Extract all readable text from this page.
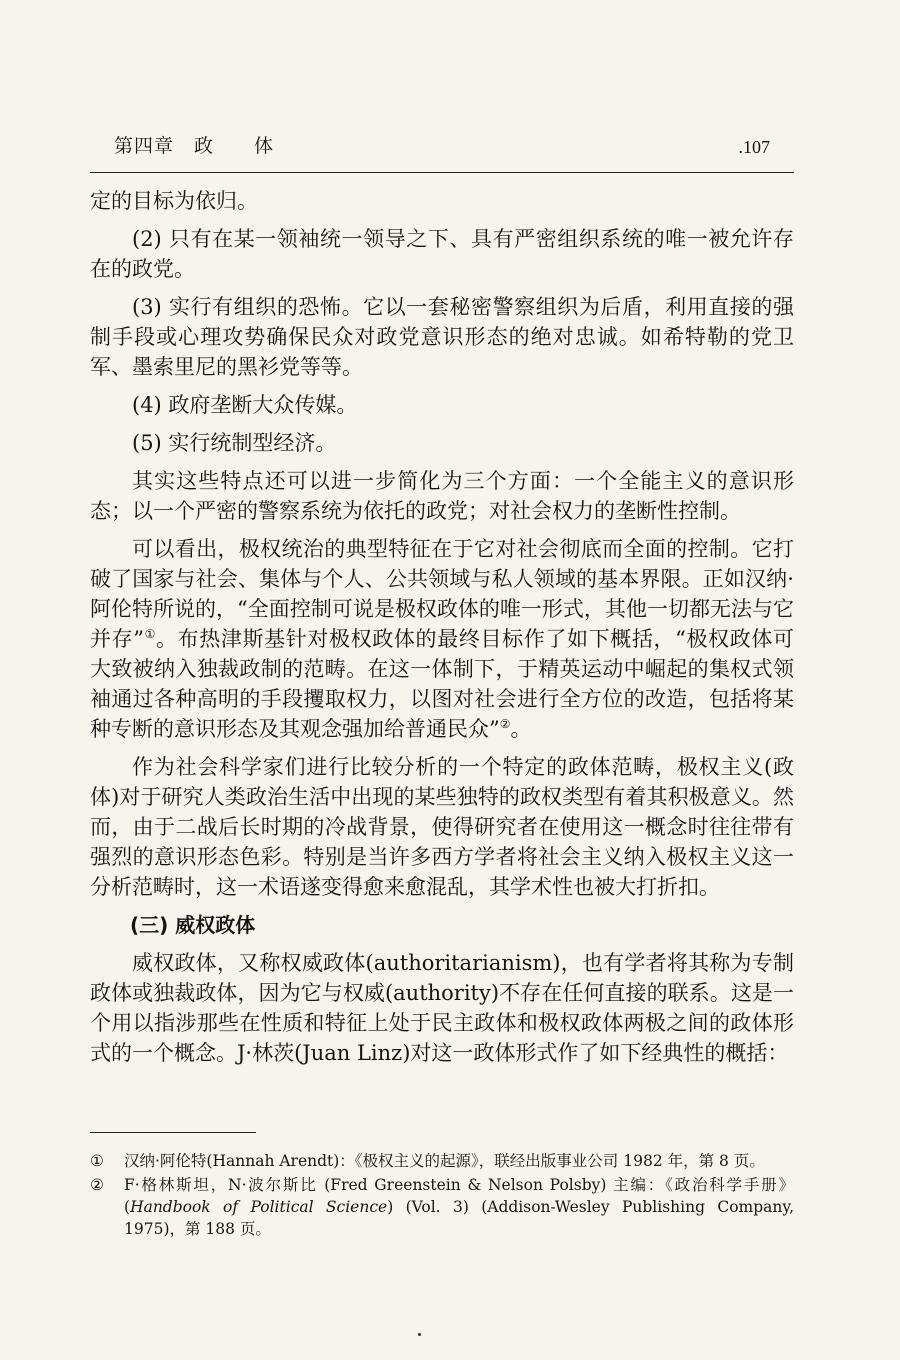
第四章　政　　体	.107

定的目标为依归。

(2) 只有在某一领袖统一领导之下、具有严密组织系统的唯一被允许存在的政党。

(3) 实行有组织的恐怖。它以一套秘密警察组织为后盾，利用直接的强制手段或心理攻势确保民众对政党意识形态的绝对忠诚。如希特勒的党卫军、墨索里尼的黑衫党等等。

(4) 政府垄断大众传媒。

(5) 实行统制型经济。

其实这些特点还可以进一步简化为三个方面：一个全能主义的意识形态；以一个严密的警察系统为依托的政党；对社会权力的垄断性控制。

可以看出，极权统治的典型特征在于它对社会彻底而全面的控制。它打破了国家与社会、集体与个人、公共领域与私人领域的基本界限。正如汉纳·阿伦特所说的，“全面控制可说是极权政体的唯一形式，其他一切都无法与它并存”①。布热津斯基针对极权政体的最终目标作了如下概括，“极权政体可大致被纳入独裁政制的范畴。在这一体制下，于精英运动中崛起的集权式领袖通过各种高明的手段攫取权力，以图对社会进行全方位的改造，包括将某种专断的意识形态及其观念强加给普通民众”②。

作为社会科学家们进行比较分析的一个特定的政体范畴，极权主义(政体)对于研究人类政治生活中出现的某些独特的政权类型有着其积极意义。然而，由于二战后长时期的冷战背景，使得研究者在使用这一概念时往往带有强烈的意识形态色彩。特别是当许多西方学者将社会主义纳入极权主义这一分析范畴时，这一术语遂变得愈来愈混乱，其学术性也被大打折扣。

(三) 威权政体

威权政体，又称权威政体(authoritarianism)，也有学者将其称为专制政体或独裁政体，因为它与权威(authority)不存在任何直接的联系。这是一个用以指涉那些在性质和特征上处于民主政体和极权政体两极之间的政体形式的一个概念。J·林茨(Juan Linz)对这一政体形式作了如下经典性的概括：

①	汉纳·阿伦特(Hannah Arendt)：《极权主义的起源》，联经出版事业公司 1982 年，第 8 页。
②	F·格林斯坦，N·波尔斯比 (Fred Greenstein & Nelson Polsby) 主编：《政治科学手册》(Handbook of Political Science) (Vol. 3) (Addison-Wesley Publishing Company, 1975)，第 188 页。
